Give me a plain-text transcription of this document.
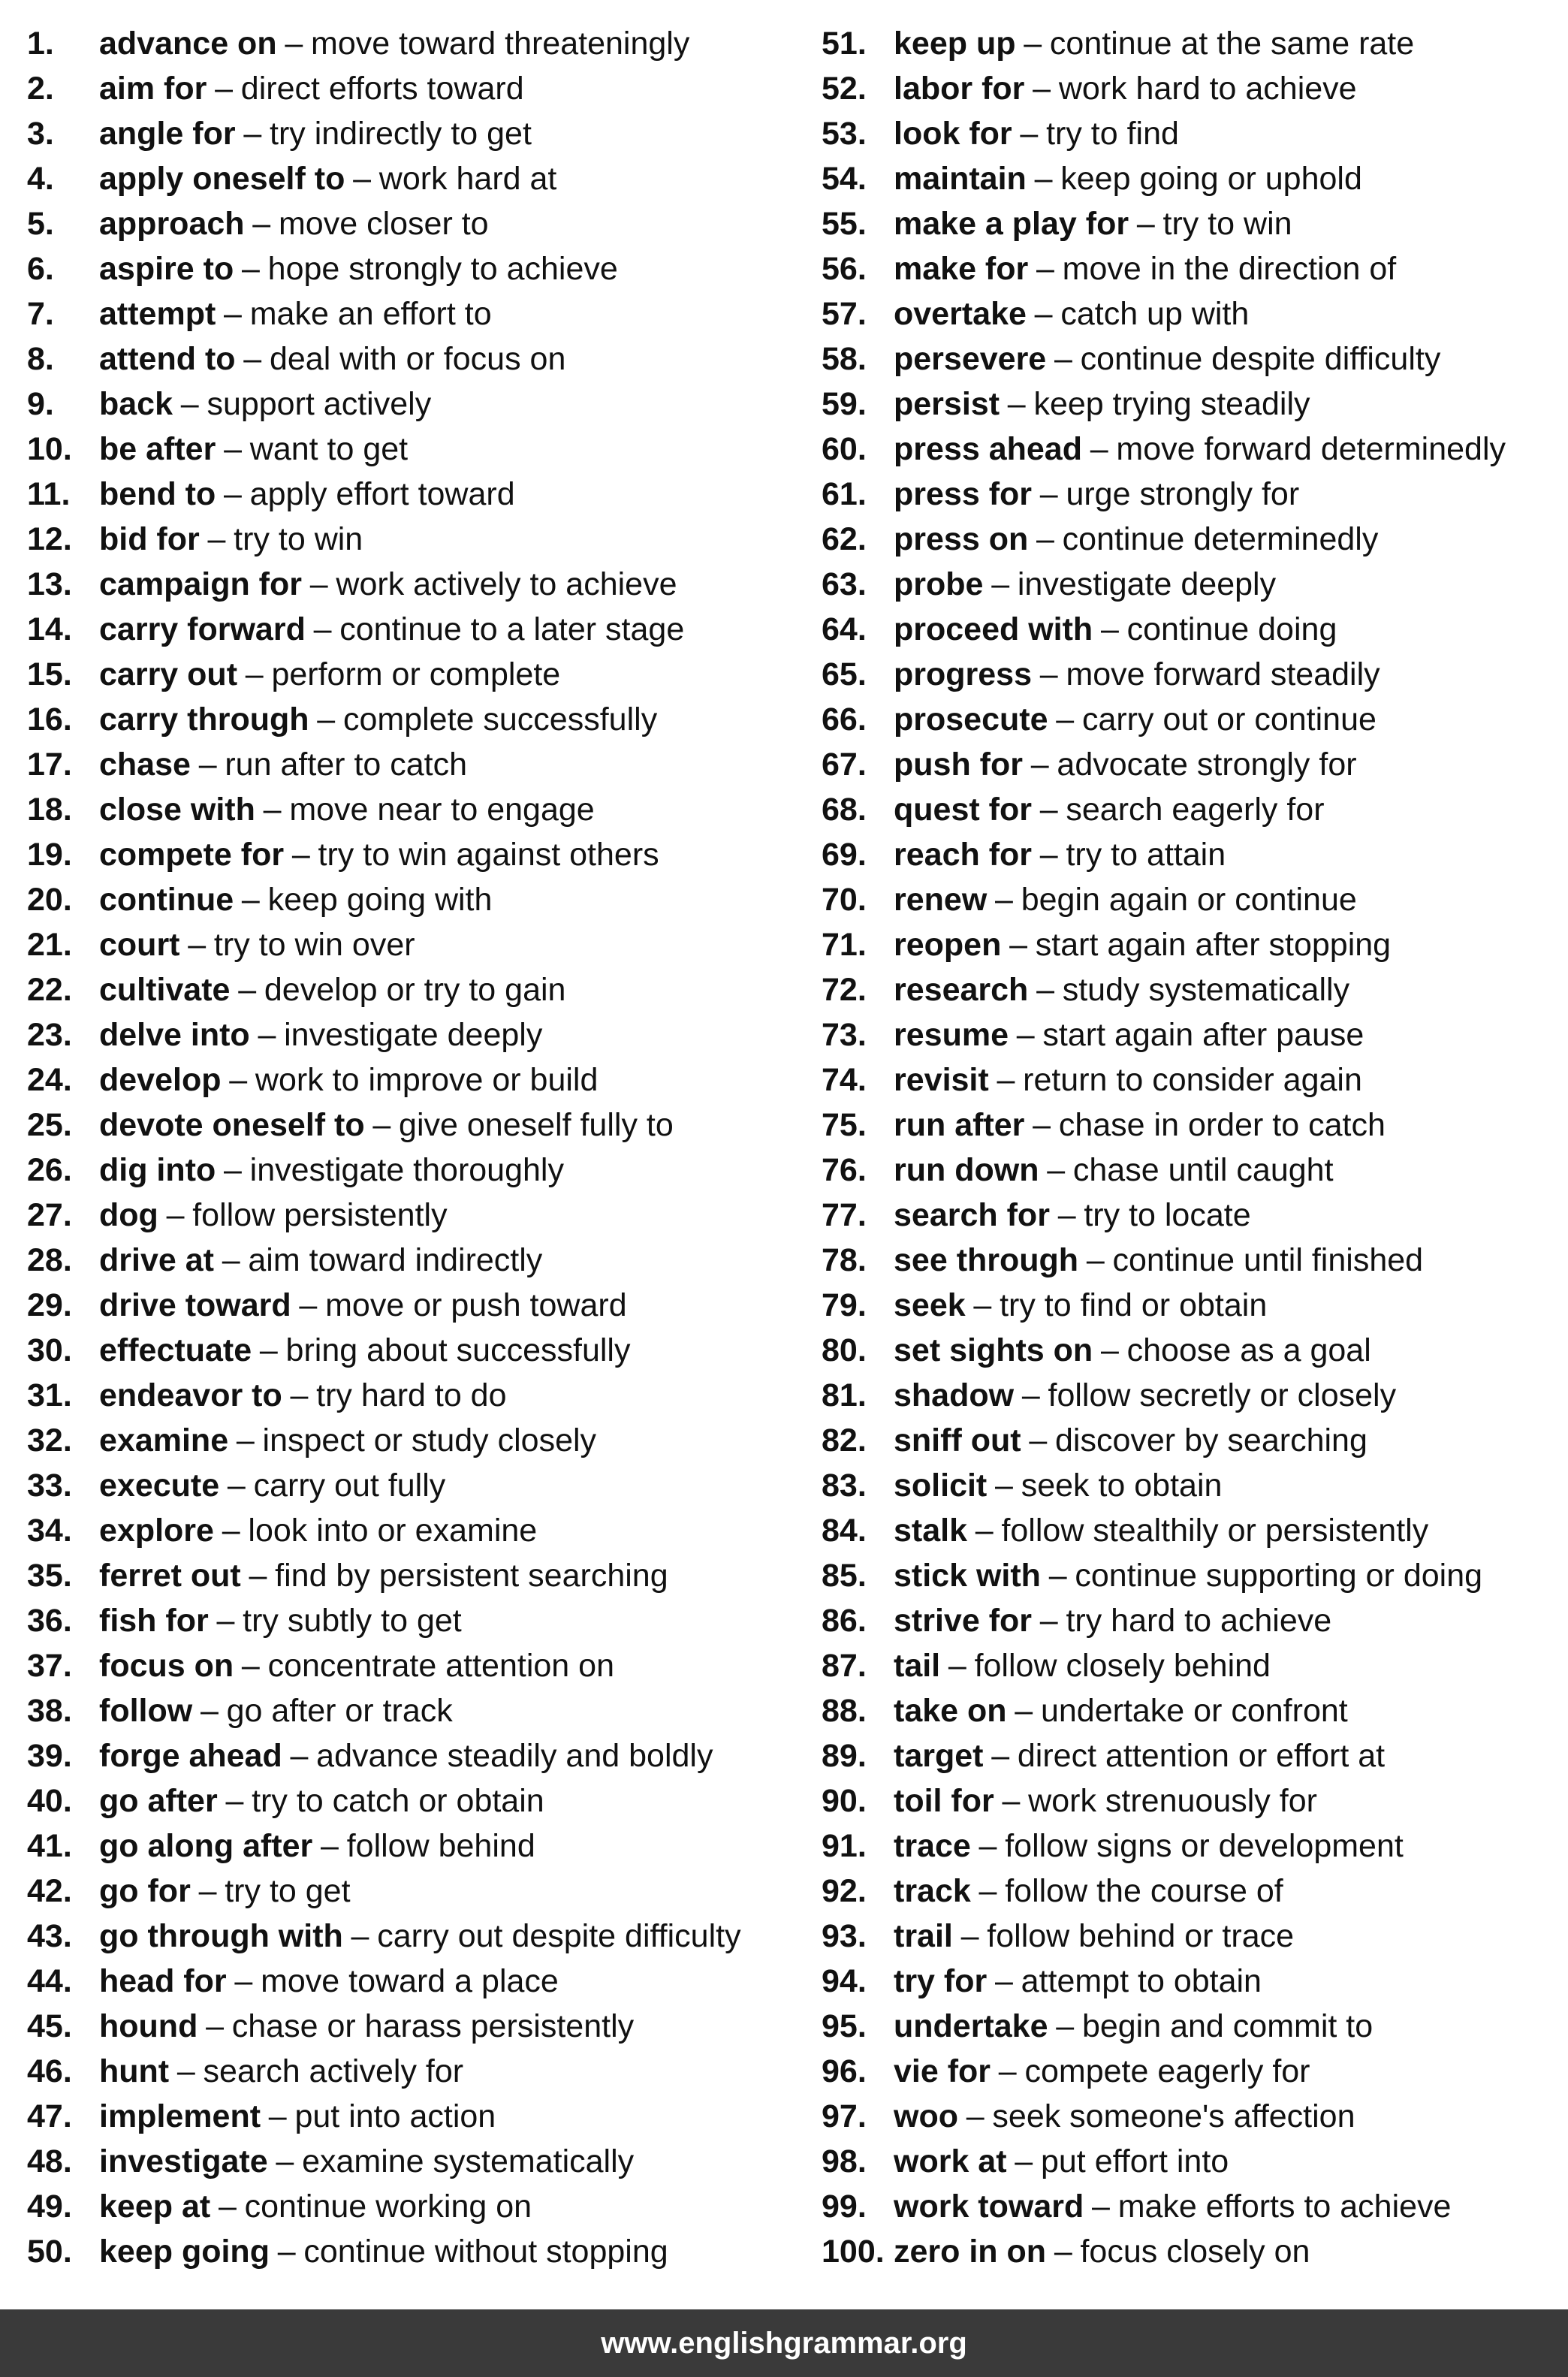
1.	advance on – move toward threateningly
2.	aim for – direct efforts toward
3.	angle for – try indirectly to get
4.	apply oneself to – work hard at
5.	approach – move closer to
6.	aspire to – hope strongly to achieve
7.	attempt – make an effort to
8.	attend to – deal with or focus on
9.	back – support actively
10. be after – want to get
11. bend to – apply effort toward
12. bid for – try to win
13. campaign for – work actively to achieve
14. carry forward – continue to a later stage
15. carry out – perform or complete
16. carry through – complete successfully
17. chase – run after to catch
18. close with – move near to engage
19. compete for – try to win against others
20. continue – keep going with
21. court – try to win over
22. cultivate – develop or try to gain
23. delve into – investigate deeply
24. develop – work to improve or build
25. devote oneself to – give oneself fully to
26. dig into – investigate thoroughly
27. dog – follow persistently
28. drive at – aim toward indirectly
29. drive toward – move or push toward
30. effectuate – bring about successfully
31. endeavor to – try hard to do
32. examine – inspect or study closely
33. execute – carry out fully
34. explore – look into or examine
35. ferret out – find by persistent searching
36. fish for – try subtly to get
37. focus on – concentrate attention on
38. follow – go after or track
39. forge ahead – advance steadily and boldly
40. go after – try to catch or obtain
41. go along after – follow behind
42. go for – try to get
43. go through with – carry out despite difficulty
44. head for – move toward a place
45. hound – chase or harass persistently
46. hunt – search actively for
47. implement – put into action
48. investigate – examine systematically
49. keep at – continue working on
50. keep going – continue without stopping
51. keep up – continue at the same rate
52. labor for – work hard to achieve
53. look for – try to find
54. maintain – keep going or uphold
55. make a play for – try to win
56. make for – move in the direction of
57. overtake – catch up with
58. persevere – continue despite difficulty
59. persist – keep trying steadily
60. press ahead – move forward determinedly
61. press for – urge strongly for
62. press on – continue determinedly
63. probe – investigate deeply
64. proceed with – continue doing
65. progress – move forward steadily
66. prosecute – carry out or continue
67. push for – advocate strongly for
68. quest for – search eagerly for
69. reach for – try to attain
70. renew – begin again or continue
71. reopen – start again after stopping
72. research – study systematically
73. resume – start again after pause
74. revisit – return to consider again
75. run after – chase in order to catch
76. run down – chase until caught
77. search for – try to locate
78. see through – continue until finished
79. seek – try to find or obtain
80. set sights on – choose as a goal
81. shadow – follow secretly or closely
82. sniff out – discover by searching
83. solicit – seek to obtain
84. stalk – follow stealthily or persistently
85. stick with – continue supporting or doing
86. strive for – try hard to achieve
87. tail – follow closely behind
88. take on – undertake or confront
89. target – direct attention or effort at
90. toil for – work strenuously for
91. trace – follow signs or development
92. track – follow the course of
93. trail – follow behind or trace
94. try for – attempt to obtain
95. undertake – begin and commit to
96. vie for – compete eagerly for
97. woo – seek someone's affection
98. work at – put effort into
99. work toward – make efforts to achieve
100. zero in on – focus closely on
www.englishgrammar.org
